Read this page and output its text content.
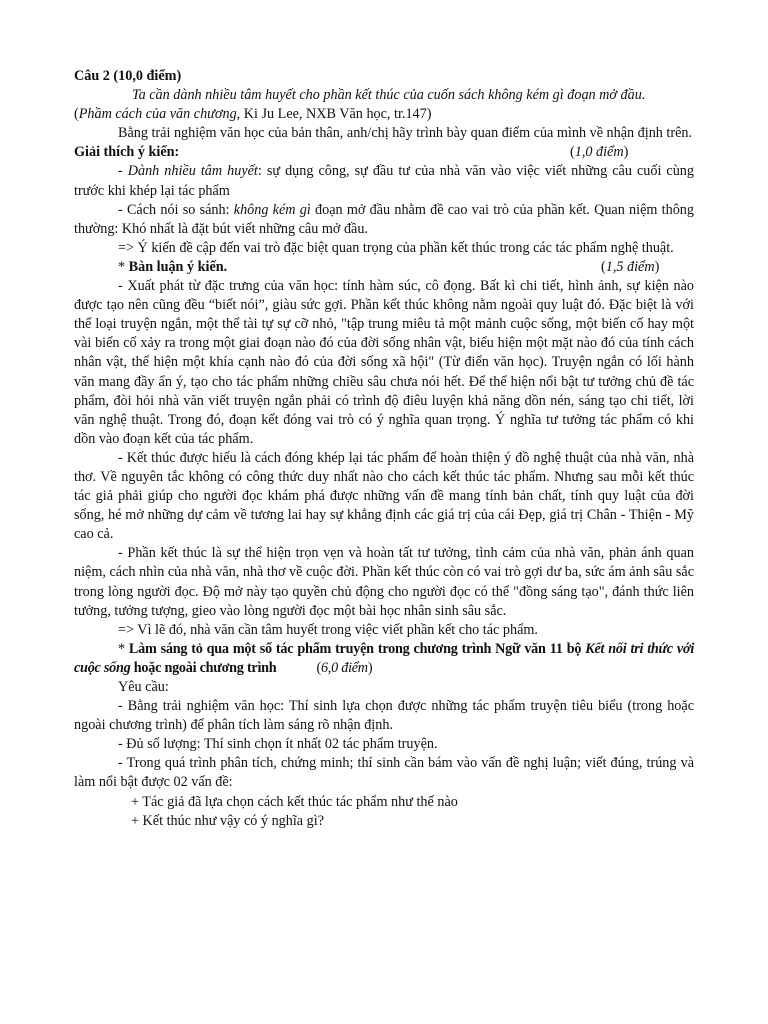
Câu 2 (10,0 điểm)

Ta cần dành nhiều tâm huyết cho phần kết thúc của cuốn sách không kém gì đoạn mở đầu.

(Phầm cách của văn chương, Ki Ju Lee, NXB Văn học, tr.147)

Bằng trải nghiệm văn học của bản thân, anh/chị hãy trình bày quan điểm của mình về nhận định trên.

Giải thích ý kiến:	(1,0 điểm)

- Dành nhiều tâm huyết: sự dụng công, sự đầu tư của nhà văn vào việc viết những câu cuối cùng trước khi khép lại tác phẩm

- Cách nói so sánh: không kém gì đoạn mở đầu nhằm đề cao vai trò của phần kết. Quan niệm thông thường: Khó nhất là đặt bút viết những câu mở đầu.

=> Ý kiến đề cập đến vai trò đặc biệt quan trọng của phần kết thúc trong các tác phẩm nghệ thuật.

* Bàn luận ý kiến.	(1,5 điểm)

- Xuất phát từ đặc trưng của văn học: tính hàm súc, cô đọng. Bất kì chi tiết, hình ảnh, sự kiện nào được tạo nên cũng đều “biết nói”, giàu sức gợi. Phần kết thúc không nằm ngoài quy luật đó. Đặc biệt là với thể loại truyện ngắn, một thể tài tự sự cỡ nhỏ, "tập trung miêu tả một mảnh cuộc sống, một biến cố hay một vài biến cố xảy ra trong một giai đoạn nào đó của đời sống nhân vật, biểu hiện một mặt nào đó của tính cách nhân vật, thể hiện một khía cạnh nào đó của đời sống xã hội" (Từ điển văn học). Truyện ngắn có lối hành văn mang đầy ẩn ý, tạo cho tác phẩm những chiều sâu chưa nói hết. Để thể hiện nổi bật tư tưởng chủ đề tác phẩm, đòi hỏi nhà văn viết truyện ngắn phải có trình độ điêu luyện khả năng dồn nén, sáng tạo chi tiết, lời văn nghệ thuật. Trong đó, đoạn kết đóng vai trò có ý nghĩa quan trọng. Ý nghĩa tư tưởng tác phẩm có khi dồn vào đoạn kết của tác phẩm.

- Kết thúc được hiểu là cách đóng khép lại tác phẩm để hoàn thiện ý đồ nghệ thuật của nhà văn, nhà thơ. Về nguyên tắc không có công thức duy nhất nào cho cách kết thúc tác phẩm. Nhưng sau mỗi kết thúc tác giả phải giúp cho người đọc khám phá được những vấn đề mang tính bản chất, tính quy luật của đời sống, hé mở những dự cảm về tương lai hay sự khẳng định các giá trị của cái Đẹp, giá trị Chân - Thiện - Mỹ cao cả.

- Phần kết thúc là sự thể hiện trọn vẹn và hoàn tất tư tưởng, tình cảm của nhà văn, phản ánh quan niệm, cách nhìn của nhà văn, nhà thơ về cuộc đời. Phần kết thúc còn có vai trò gợi dư ba, sức ám ảnh sâu sắc trong lòng người đọc. Độ mở này tạo quyền chủ động cho người đọc có thể "đồng sáng tạo", đánh thức liên tưởng, tưởng tượng, gieo vào lòng người đọc một bài học nhân sinh sâu sắc.

=> Vì lẽ đó, nhà văn cần tâm huyết trong việc viết phần kết cho tác phẩm.

* Làm sáng tỏ qua một số tác phẩm truyện trong chương trình Ngữ văn 11 bộ Kết nối tri thức với cuộc sống hoặc ngoài chương trình	(6,0 điểm)

Yêu cầu:

- Bằng trải nghiệm văn học: Thí sinh lựa chọn được những tác phẩm truyện tiêu biểu (trong hoặc ngoài chương trình) để phân tích làm sáng rõ nhận định.

- Đủ số lượng: Thí sinh chọn ít nhất 02 tác phẩm truyện.

- Trong quá trình phân tích, chứng minh; thí sinh cần bám vào vấn đề nghị luận; viết đúng, trúng và làm nổi bật được 02 vấn đề:

+ Tác giả đã lựa chọn cách kết thúc tác phẩm như thế nào

+ Kết thúc như vậy có ý nghĩa gì?
